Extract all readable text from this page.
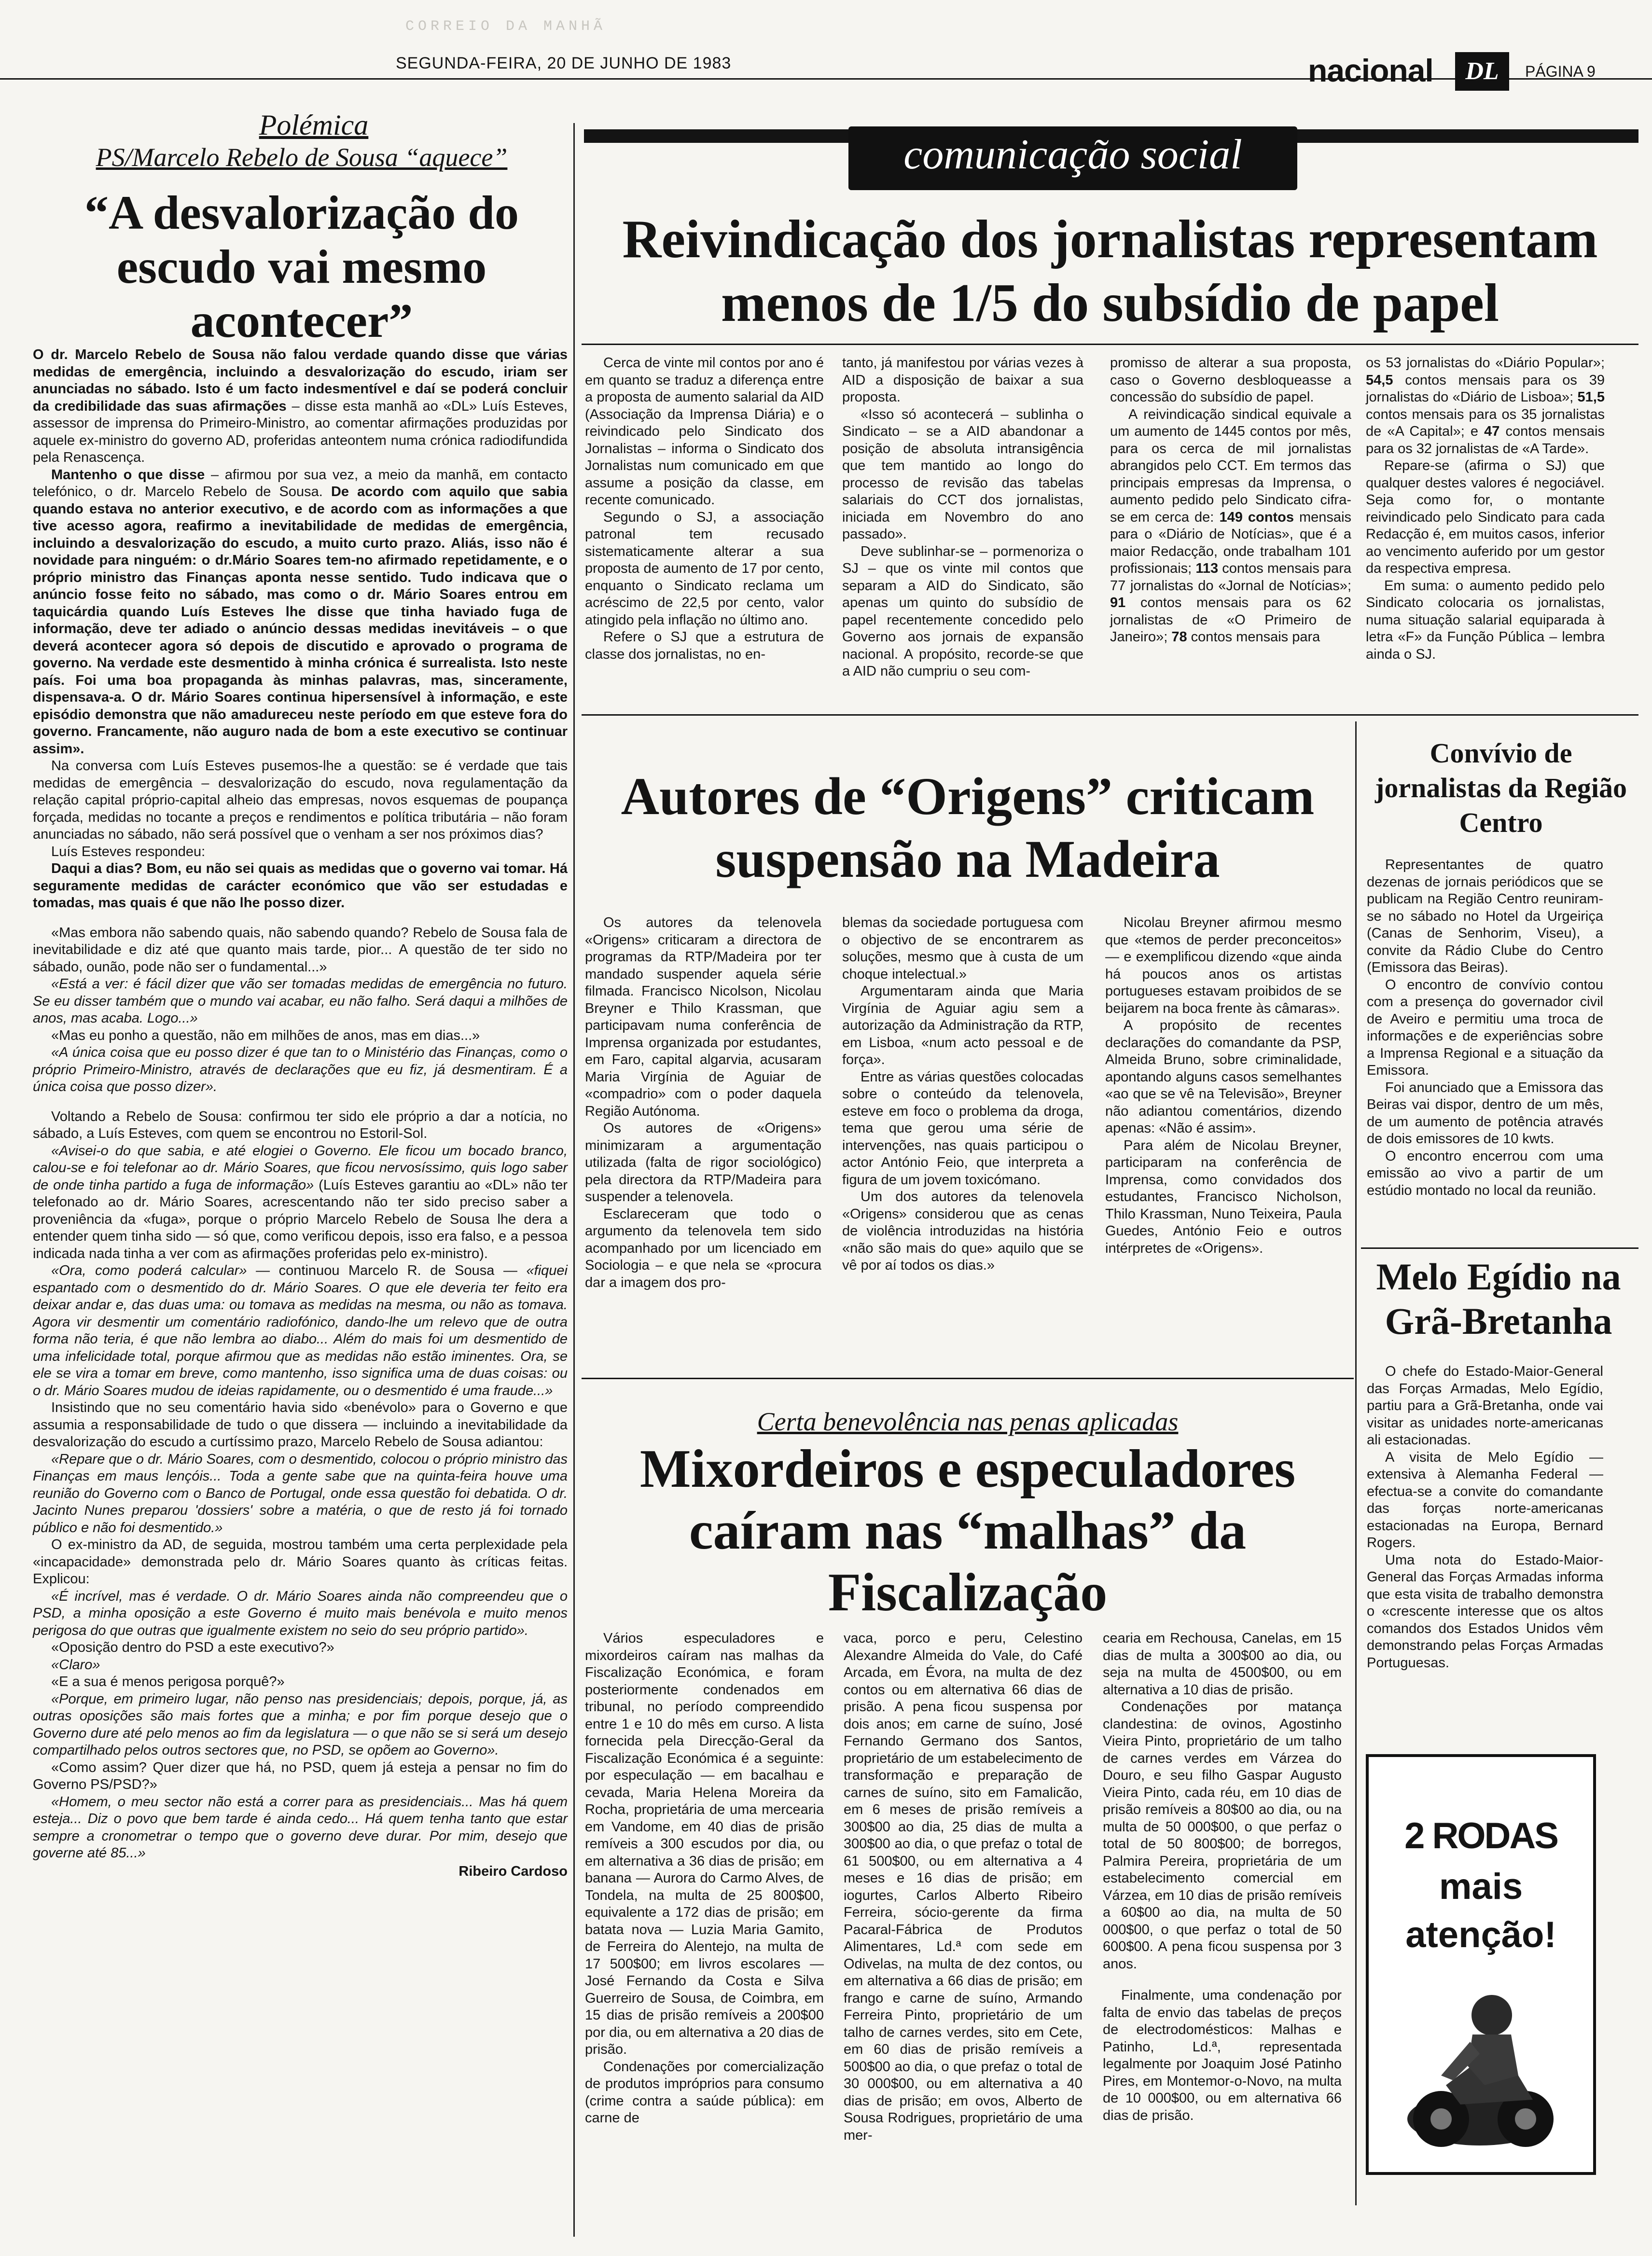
CORREIO DA MANHÃ
SEGUNDA-FEIRA, 20 DE JUNHO DE 1983	nacional	DL	PÁGINA 9
Polémica
PS/Marcelo Rebelo de Sousa “aquece”
“A desvalorização do escudo vai mesmo acontecer”

O dr. Marcelo Rebelo de Sousa não falou verdade quando disse que várias medidas de emergência, incluindo a desvalorização do escudo, iriam ser anunciadas no sábado. Isto é um facto indesmentível e daí se poderá concluir da credibilidade das suas afirmações – disse esta manhã ao «DL» Luís Esteves, assessor de imprensa do Primeiro-Ministro, ao comentar afirmações produzidas por aquele ex-ministro do governo AD, proferidas anteontem numa crónica radiodifundida pela Renascença.

Mantenho o que disse – afirmou por sua vez, a meio da manhã, em contacto telefónico, o dr. Marcelo Rebelo de Sousa. De acordo com aquilo que sabia quando estava no anterior executivo, e de acordo com as informações a que tive acesso agora, reafirmo a inevitabilidade de medidas de emergência, incluindo a desvalorização do escudo, a muito curto prazo. Aliás, isso não é novidade para ninguém: o dr.Mário Soares tem-no afirmado repetidamente, e o próprio ministro das Finanças aponta nesse sentido. Tudo indicava que o anúncio fosse feito no sábado, mas como o dr. Mário Soares entrou em taquicárdia quando Luís Esteves lhe disse que tinha haviado fuga de informação, deve ter adiado o anúncio dessas medidas inevitáveis – o que deverá acontecer agora só depois de discutido e aprovado o programa de governo. Na verdade este desmentido à minha crónica é surrealista. Isto neste país. Foi uma boa propaganda às minhas palavras, mas, sinceramente, dispensava-a. O dr. Mário Soares continua hipersensível à informação, e este episódio demonstra que não amadureceu neste período em que esteve fora do governo. Francamente, não auguro nada de bom a este executivo se continuar assim».

Na conversa com Luís Esteves pusemos-lhe a questão: se é verdade que tais medidas de emergência – desvalorização do escudo, nova regulamentação da relação capital próprio-capital alheio das empresas, novos esquemas de poupança forçada, medidas no tocante a preços e rendimentos e política tributária – não foram anunciadas no sábado, não será possível que o venham a ser nos próximos dias?

Luís Esteves respondeu:

Daqui a dias? Bom, eu não sei quais as medidas que o governo vai tomar. Há seguramente medidas de carácter económico que vão ser estudadas e tomadas, mas quais é que não lhe posso dizer.

«Mas embora não sabendo quais, não sabendo quando? Rebelo de Sousa fala de inevitabilidade e diz até que quanto mais tarde, pior... A questão de ter sido no sábado, ounão, pode não ser o fundamental...»

«Está a ver: é fácil dizer que vão ser tomadas medidas de emergência no futuro. Se eu disser também que o mundo vai acabar, eu não falho. Será daqui a milhões de anos, mas acaba. Logo...»

«Mas eu ponho a questão, não em milhões de anos, mas em dias...»

«A única coisa que eu posso dizer é que tan to o Ministério das Finanças, como o próprio Primeiro-Ministro, através de declarações que eu fiz, já desmentiram. É a única coisa que posso dizer».

Voltando a Rebelo de Sousa: confirmou ter sido ele próprio a dar a notícia, no sábado, a Luís Esteves, com quem se encontrou no Estoril-Sol.

«Avisei-o do que sabia, e até elogiei o Governo. Ele ficou um bocado branco, calou-se e foi telefonar ao dr. Mário Soares, que ficou nervosíssimo, quis logo saber de onde tinha partido a fuga de informação» (Luís Esteves garantiu ao «DL» não ter telefonado ao dr. Mário Soares, acrescentando não ter sido preciso saber a proveniência da «fuga», porque o próprio Marcelo Rebelo de Sousa lhe dera a entender quem tinha sido — só que, como verificou depois, isso era falso, e a pessoa indicada nada tinha a ver com as afirmações proferidas pelo ex-ministro).

«Ora, como poderá calcular» — continuou Marcelo R. de Sousa — «fiquei espantado com o desmentido do dr. Mário Soares. O que ele deveria ter feito era deixar andar e, das duas uma: ou tomava as medidas na mesma, ou não as tomava. Agora vir desmentir um comentário radiofónico, dando-lhe um relevo que de outra forma não teria, é que não lembra ao diabo... Além do mais foi um desmentido de uma infelicidade total, porque afirmou que as medidas não estão iminentes. Ora, se ele se vira a tomar em breve, como mantenho, isso significa uma de duas coisas: ou o dr. Mário Soares mudou de ideias rapidamente, ou o desmentido é uma fraude...»

Insistindo que no seu comentário havia sido «benévolo» para o Governo e que assumia a responsabilidade de tudo o que dissera — incluindo a inevitabilidade da desvalorização do escudo a curtíssimo prazo, Marcelo Rebelo de Sousa adiantou:

«Repare que o dr. Mário Soares, com o desmentido, colocou o próprio ministro das Finanças em maus lençóis... Toda a gente sabe que na quinta-feira houve uma reunião do Governo com o Banco de Portugal, onde essa questão foi debatida. O dr. Jacinto Nunes preparou 'dossiers' sobre a matéria, o que de resto já foi tornado público e não foi desmentido.»

O ex-ministro da AD, de seguida, mostrou também uma certa perplexidade pela «incapacidade» demonstrada pelo dr. Mário Soares quanto às críticas feitas. Explicou:

«É incrível, mas é verdade. O dr. Mário Soares ainda não compreendeu que o PSD, a minha oposição a este Governo é muito mais benévola e muito menos perigosa do que outras que igualmente existem no seio do seu próprio partido».

«Oposição dentro do PSD a este executivo?»

«Claro»

«E a sua é menos perigosa porquê?»

«Porque, em primeiro lugar, não penso nas presidenciais; depois, porque, já, as outras oposições são mais fortes que a minha; e por fim porque desejo que o Governo dure até pelo menos ao fim da legislatura — o que não se si será um desejo compartilhado pelos outros sectores que, no PSD, se opõem ao Governo».

«Como assim? Quer dizer que há, no PSD, quem já esteja a pensar no fim do Governo PS/PSD?»

«Homem, o meu sector não está a correr para as presidenciais... Mas há quem esteja... Diz o povo que bem tarde é ainda cedo... Há quem tenha tanto que estar sempre a cronometrar o tempo que o governo deve durar. Por mim, desejo que governe até 85...»

Ribeiro Cardoso
comunicação social
Reivindicação dos jornalistas representam menos de 1/5 do subsídio de papel

Cerca de vinte mil contos por ano é em quanto se traduz a diferença entre a proposta de aumento salarial da AID (Associação da Imprensa Diária) e o reivindicado pelo Sindicato dos Jornalistas – informa o Sindicato dos Jornalistas num comunicado em que assume a posição da classe, em recente comunicado.

Segundo o SJ, a associação patronal tem recusado sistematicamente alterar a sua proposta de aumento de 17 por cento, enquanto o Sindicato reclama um acréscimo de 22,5 por cento, valor atingido pela inflação no último ano.

Refere o SJ que a estrutura de classe dos jornalistas, no en-

tanto, já manifestou por várias vezes à AID a disposição de baixar a sua proposta.

«Isso só acontecerá – sublinha o Sindicato – se a AID abandonar a posição de absoluta intransigência que tem mantido ao longo do processo de revisão das tabelas salariais do CCT dos jornalistas, iniciada em Novembro do ano passado».

Deve sublinhar-se – pormenoriza o SJ – que os vinte mil contos que separam a AID do Sindicato, são apenas um quinto do subsídio de papel recentemente concedido pelo Governo aos jornais de expansão nacional. A propósito, recorde-se que a AID não cumpriu o seu com-

promisso de alterar a sua proposta, caso o Governo desbloqueasse a concessão do subsídio de papel.

A reivindicação sindical equivale a um aumento de 1445 contos por mês, para os cerca de mil jornalistas abrangidos pelo CCT. Em termos das principais empresas da Imprensa, o aumento pedido pelo Sindicato cifra-se em cerca de: 149 contos mensais para o «Diário de Notícias», que é a maior Redacção, onde trabalham 101 profissionais; 113 contos mensais para 77 jornalistas do «Jornal de Notícias»; 91 contos mensais para os 62 jornalistas de «O Primeiro de Janeiro»; 78 contos mensais para

os 53 jornalistas do «Diário Popular»; 54,5 contos mensais para os 39 jornalistas do «Diário de Lisboa»; 51,5 contos mensais para os 35 jornalistas de «A Capital»; e 47 contos mensais para os 32 jornalistas de «A Tarde».

Repare-se (afirma o SJ) que qualquer destes valores é negociável. Seja como for, o montante reivindicado pelo Sindicato para cada Redacção é, em muitos casos, inferior ao vencimento auferido por um gestor da respectiva empresa.

Em suma: o aumento pedido pelo Sindicato colocaria os jornalistas, numa situação salarial equiparada à letra «F» da Função Pública – lembra ainda o SJ.

Autores de “Origens” criticam suspensão na Madeira

Os autores da telenovela «Origens» criticaram a directora de programas da RTP/Madeira por ter mandado suspender aquela série filmada. Francisco Nicolson, Nicolau Breyner e Thilo Krassman, que participavam numa conferência de Imprensa organizada por estudantes, em Faro, capital algarvia, acusaram Maria Virgínia de Aguiar de «compadrio» com o poder daquela Região Autónoma.

Os autores de «Origens» minimizaram a argumentação utilizada (falta de rigor sociológico) pela directora da RTP/Madeira para suspender a telenovela.

Esclareceram que todo o argumento da telenovela tem sido acompanhado por um licenciado em Sociologia – e que nela se «procura dar a imagem dos pro-

blemas da sociedade portuguesa com o objectivo de se encontrarem as soluções, mesmo que à custa de um choque intelectual.»

Argumentaram ainda que Maria Virgínia de Aguiar agiu sem a autorização da Administração da RTP, em Lisboa, «num acto pessoal e de força».

Entre as várias questões colocadas sobre o conteúdo da telenovela, esteve em foco o problema da droga, tema que gerou uma série de intervenções, nas quais participou o actor António Feio, que interpreta a figura de um jovem toxicómano.

Um dos autores da telenovela «Origens» considerou que as cenas de violência introduzidas na história «não são mais do que» aquilo que se vê por aí todos os dias.»

Nicolau Breyner afirmou mesmo que «temos de perder preconceitos» — e exemplificou dizendo «que ainda há poucos anos os artistas portugueses estavam proibidos de se beijarem na boca frente às câmaras».

A propósito de recentes declarações do comandante da PSP, Almeida Bruno, sobre criminalidade, apontando alguns casos semelhantes «ao que se vê na Televisão», Breyner não adiantou comentários, dizendo apenas: «Não é assim».

Para além de Nicolau Breyner, participaram na conferência de Imprensa, como convidados dos estudantes, Francisco Nicholson, Thilo Krassman, Nuno Teixeira, Paula Guedes, António Feio e outros intérpretes de «Origens».

Convívio de jornalistas da Região Centro

Representantes de quatro dezenas de jornais periódicos que se publicam na Região Centro reuniram-se no sábado no Hotel da Urgeiriça (Canas de Senhorim, Viseu), a convite da Rádio Clube do Centro (Emissora das Beiras).

O encontro de convívio contou com a presença do governador civil de Aveiro e permitiu uma troca de informações e de experiências sobre a Imprensa Regional e a situação da Emissora.

Foi anunciado que a Emissora das Beiras vai dispor, dentro de um mês, de um aumento de potência através de dois emissores de 10 kwts.

O encontro encerrou com uma emissão ao vivo a partir de um estúdio montado no local da reunião.

Melo Egídio na Grã-Bretanha

O chefe do Estado-Maior-General das Forças Armadas, Melo Egídio, partiu para a Grã-Bretanha, onde vai visitar as unidades norte-americanas ali estacionadas.

A visita de Melo Egídio — extensiva à Alemanha Federal — efectua-se a convite do comandante das forças norte-americanas estacionadas na Europa, Bernard Rogers.

Uma nota do Estado-Maior-General das Forças Armadas informa que esta visita de trabalho demonstra o «crescente interesse que os altos comandos dos Estados Unidos vêm demonstrando pelas Forças Armadas Portuguesas.

2 RODAS
mais
atenção!
Certa benevolência nas penas aplicadas
Mixordeiros e especuladores caíram nas “malhas” da Fiscalização

Vários especuladores e mixordeiros caíram nas malhas da Fiscalização Económica, e foram posteriormente condenados em tribunal, no período compreendido entre 1 e 10 do mês em curso. A lista fornecida pela Direcção-Geral da Fiscalização Económica é a seguinte: por especulação — em bacalhau e cevada, Maria Helena Moreira da Rocha, proprietária de uma mercearia em Vandome, em 40 dias de prisão remíveis a 300 escudos por dia, ou em alternativa a 36 dias de prisão; em banana — Aurora do Carmo Alves, de Tondela, na multa de 25 800$00, equivalente a 172 dias de prisão; em batata nova — Luzia Maria Gamito, de Ferreira do Alentejo, na multa de 17 500$00; em livros escolares — José Fernando da Costa e Silva Guerreiro de Sousa, de Coimbra, em 15 dias de prisão remíveis a 200$00 por dia, ou em alternativa a 20 dias de prisão.

Condenações por comercialização de produtos impróprios para consumo (crime contra a saúde pública): em carne de

vaca, porco e peru, Celestino Alexandre Almeida do Vale, do Café Arcada, em Évora, na multa de dez contos ou em alternativa 66 dias de prisão. A pena ficou suspensa por dois anos; em carne de suíno, José Fernando Germano dos Santos, proprietário de um estabelecimento de transformação e preparação de carnes de suíno, sito em Famalicão, em 6 meses de prisão remíveis a 300$00 ao dia, 25 dias de multa a 300$00 ao dia, o que prefaz o total de 61 500$00, ou em alternativa a 4 meses e 16 dias de prisão; em iogurtes, Carlos Alberto Ribeiro Ferreira, sócio-gerente da firma Pacaral-Fábrica de Produtos Alimentares, Ld.ª com sede em Odivelas, na multa de dez contos, ou em alternativa a 66 dias de prisão; em frango e carne de suíno, Armando Ferreira Pinto, proprietário de um talho de carnes verdes, sito em Cete, em 60 dias de prisão remíveis a 500$00 ao dia, o que prefaz o total de 30 000$00, ou em alternativa a 40 dias de prisão; em ovos, Alberto de Sousa Rodrigues, proprietário de uma mer-

cearia em Rechousa, Canelas, em 15 dias de multa a 300$00 ao dia, ou seja na multa de 4500$00, ou em alternativa a 10 dias de prisão.

Condenações por matança clandestina: de ovinos, Agostinho Vieira Pinto, proprietário de um talho de carnes verdes em Várzea do Douro, e seu filho Gaspar Augusto Vieira Pinto, cada réu, em 10 dias de prisão remíveis a 80$00 ao dia, ou na multa de 50 000$00, o que perfaz o total de 50 800$00; de borregos, Palmira Pereira, proprietária de um estabelecimento comercial em Várzea, em 10 dias de prisão remíveis a 60$00 ao dia, na multa de 50 000$00, o que perfaz o total de 50 600$00. A pena ficou suspensa por 3 anos.

Finalmente, uma condenação por falta de envio das tabelas de preços de electrodomésticos: Malhas e Patinho, Ld.ª, representada legalmente por Joaquim José Patinho Pires, em Montemor-o-Novo, na multa de 10 000$00, ou em alternativa 66 dias de prisão.
